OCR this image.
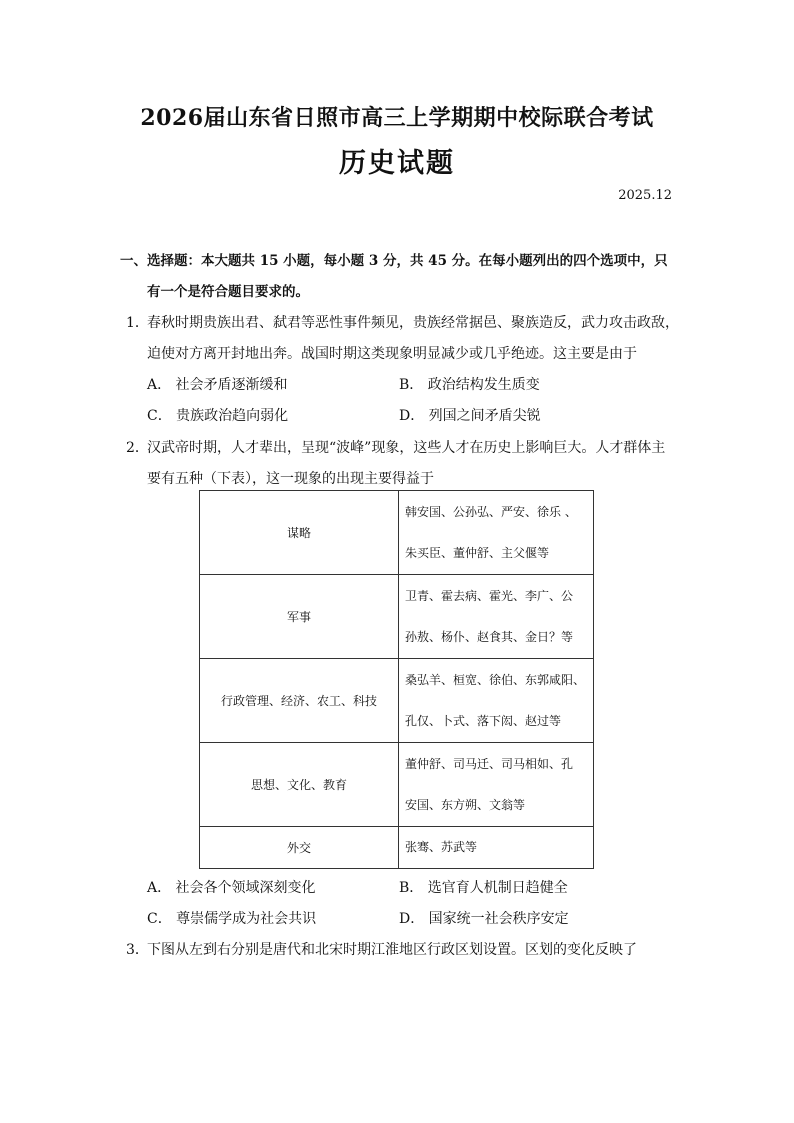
2026届山东省日照市高三上学期期中校际联合考试
历史试题
2025.12
一、选择题：本大题共 15 小题，每小题 3 分，共 45 分。在每小题列出的四个选项中，只
有一个是符合题目要求的。
1．
春秋时期贵族出君、弑君等恶性事件频见，贵族经常据邑、聚族造反，武力攻击政敌，
迫使对方离开封地出奔。战国时期这类现象明显减少或几乎绝迹。这主要是由于
A． 社会矛盾逐渐缓和	B． 政治结构发生质变
C． 贵族政治趋向弱化	D． 列国之间矛盾尖锐
2．
汉武帝时期，人才辈出，呈现“波峰”现象，这些人才在历史上影响巨大。人才群体主
要有五种（下表），这一现象的出现主要得益于
谋略	韩安国、公孙弘、严安、徐乐 、
朱买臣、董仲舒、主父偃等

军事	卫青、霍去病、霍光、李广、公
孙敖、杨仆、赵食其、金日？等

行政管理、经济、农工、科技	桑弘羊、桓宽、徐伯、东郭咸阳、
孔仅、卜式、落下闳、赵过等

思想、文化、教育	董仲舒、司马迁、司马相如、孔
安国、东方朔、文翁等

外交	张骞、苏武等
A． 社会各个领域深刻变化	B． 选官育人机制日趋健全
C． 尊崇儒学成为社会共识	D． 国家统一社会秩序安定
3．
下图从左到右分别是唐代和北宋时期江淮地区行政区划设置。区划的变化反映了
